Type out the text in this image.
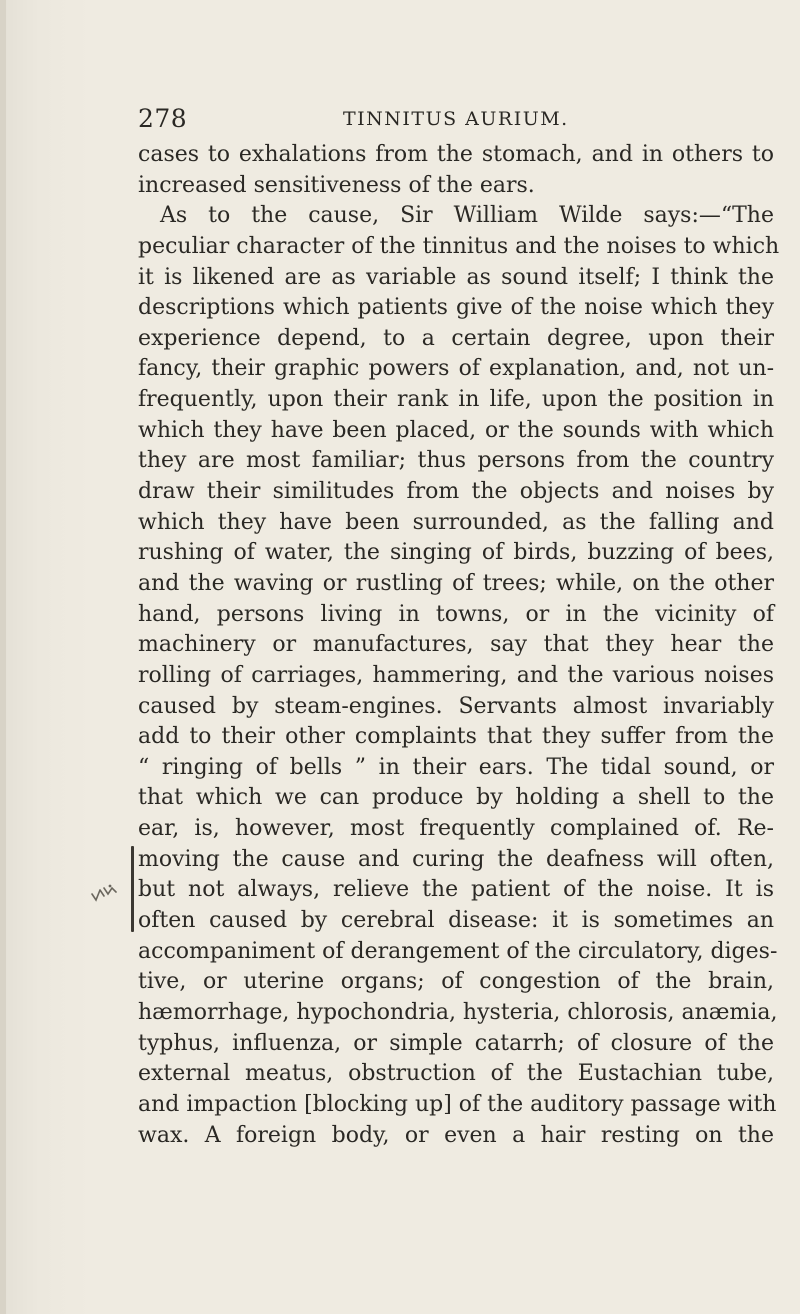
278	TINNITUS AURIUM.
cases to exhalations from the stomach, and in others to
increased sensitiveness of the ears.
As to the cause, Sir William Wilde says:—“The
peculiar character of the tinnitus and the noises to which
it is likened are as variable as sound itself; I think the
descriptions which patients give of the noise which they
experience depend, to a certain degree, upon their
fancy, their graphic powers of explanation, and, not un-
frequently, upon their rank in life, upon the position in
which they have been placed, or the sounds with which
they are most familiar; thus persons from the country
draw their similitudes from the objects and noises by
which they have been surrounded, as the falling and
rushing of water, the singing of birds, buzzing of bees,
and the waving or rustling of trees; while, on the other
hand, persons living in towns, or in the vicinity of
machinery or manufactures, say that they hear the
rolling of carriages, hammering, and the various noises
caused by steam-engines. Servants almost invariably
add to their other complaints that they suffer from the
“ ringing of bells ” in their ears. The tidal sound, or
that which we can produce by holding a shell to the
ear, is, however, most frequently complained of. Re-
moving the cause and curing the deafness will often,
but not always, relieve the patient of the noise. It is
often caused by cerebral disease: it is sometimes an
accompaniment of derangement of the circulatory, diges-
tive, or uterine organs; of congestion of the brain,
hæmorrhage, hypochondria, hysteria, chlorosis, anæmia,
typhus, influenza, or simple catarrh; of closure of the
external meatus, obstruction of the Eustachian tube,
and impaction [blocking up] of the auditory passage with
wax. A foreign body, or even a hair resting on the
